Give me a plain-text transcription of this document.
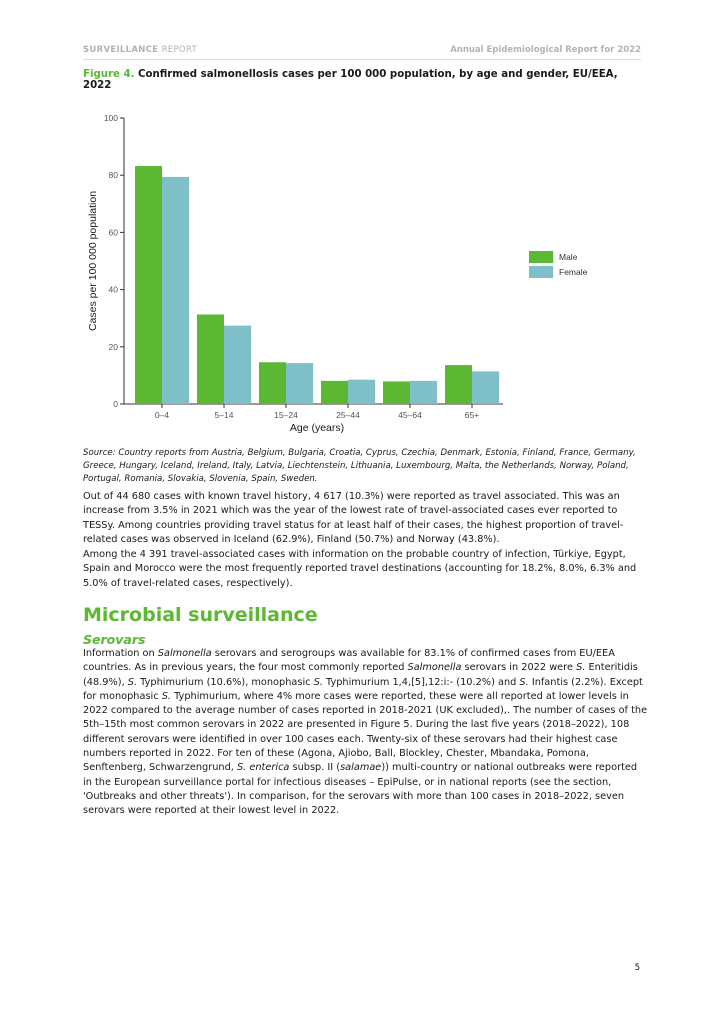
SURVEILLANCE REPORT	Annual Epidemiological Report for 2022
Figure 4. Confirmed salmonellosis cases per 100 000 population, by age and gender, EU/EEA, 2022
0
20
40
60
80
100
0–4	5–14	15–24	25–44	45–64	65+
Male
Female
Cases per 100 000 population
Age (years)
Source: Country reports from Austria, Belgium, Bulgaria, Croatia, Cyprus, Czechia, Denmark, Estonia, Finland, France, Germany, Greece, Hungary, Iceland, Ireland, Italy, Latvia, Liechtenstein, Lithuania, Luxembourg, Malta, the Netherlands, Norway, Poland, Portugal, Romania, Slovakia, Slovenia, Spain, Sweden.

Out of 44 680 cases with known travel history, 4 617 (10.3%) were reported as travel associated. This was an increase from 3.5% in 2021 which was the year of the lowest rate of travel-associated cases ever reported to TESSy. Among countries providing travel status for at least half of their cases, the highest proportion of travel-related cases was observed in Iceland (62.9%), Finland (50.7%) and Norway (43.8%).

Among the 4 391 travel-associated cases with information on the probable country of infection, Türkiye, Egypt, Spain and Morocco were the most frequently reported travel destinations (accounting for 18.2%, 8.0%, 6.3% and 5.0% of travel-related cases, respectively).

Microbial surveillance
Serovars

Information on Salmonella serovars and serogroups was available for 83.1% of confirmed cases from EU/EEA countries. As in previous years, the four most commonly reported Salmonella serovars in 2022 were S. Enteritidis (48.9%), S. Typhimurium (10.6%), monophasic S. Typhimurium 1,4,[5],12:i:- (10.2%) and S. Infantis (2.2%). Except for monophasic S. Typhimurium, where 4% more cases were reported, these were all reported at lower levels in 2022 compared to the average number of cases reported in 2018-2021 (UK excluded),. The number of cases of the 5th–15th most common serovars in 2022 are presented in Figure 5. During the last five years (2018–2022), 108 different serovars were identified in over 100 cases each. Twenty-six of these serovars had their highest case numbers reported in 2022. For ten of these (Agona, Ajiobo, Ball, Blockley, Chester, Mbandaka, Pomona, Senftenberg, Schwarzengrund, S. enterica subsp. II (salamae)) multi-country or national outbreaks were reported in the European surveillance portal for infectious diseases – EpiPulse, or in national reports (see the section, 'Outbreaks and other threats'). In comparison, for the serovars with more than 100 cases in 2018–2022, seven serovars were reported at their lowest level in 2022.

5
